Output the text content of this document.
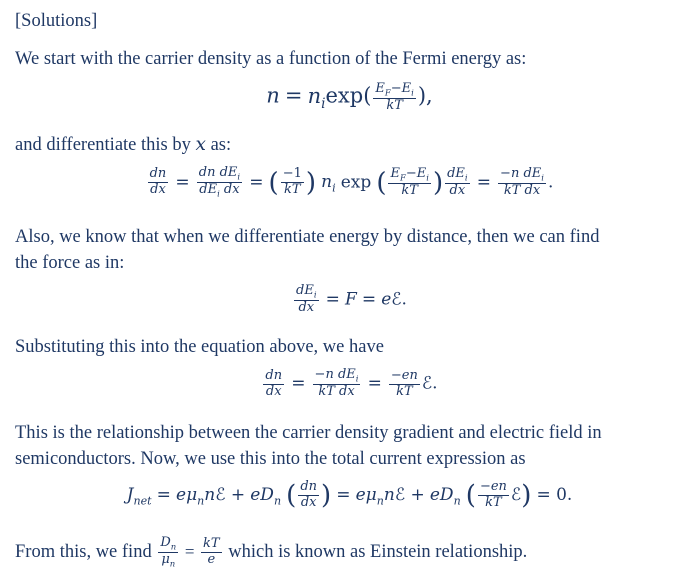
[Solutions]
We start with the carrier density as a function of the Fermi energy as:
$n = n_i\exp( \frac{E_F-E_i}{kT}$ ),
and differentiate this by x as:
$\frac{dn}{dx} = \frac{dn dE_i}{dE_i dx}$ = ( $\frac{-1}{kT}$ ) $n_i$ exp ( $\frac{E_F-E_i}{kT}$ ) $\frac{dE_i}{dx} = \frac{-n dE_i}{\text{kT dx}}$ .
Also, we know that when we differentiate energy by distance, then we can find
the force as in:
$\frac{dE_i}{dx} = F$ = eℰ.
Substituting this into the equation above, we have
$\frac{dn}{dx} = \frac{-n dE_i}{\text{kT dx}} = \frac{-en}{kT}$ ℰ.
This is the relationship between the carrier density gradient and electric field in
semiconductors. Now, we use this into the total current expression as
$J_{net}$ = $e\mu_nnℰ + eD_n$ ( $\frac{dn}{dx}$ ) = $e\mu_nnℰ + eD_n$ ( $\frac{-en}{kT}$ ℰ) = 0.
From this, we find $\frac{D_n}{\mu_n} = \frac{kT}{e}$ which is known as Einstein relationship.
